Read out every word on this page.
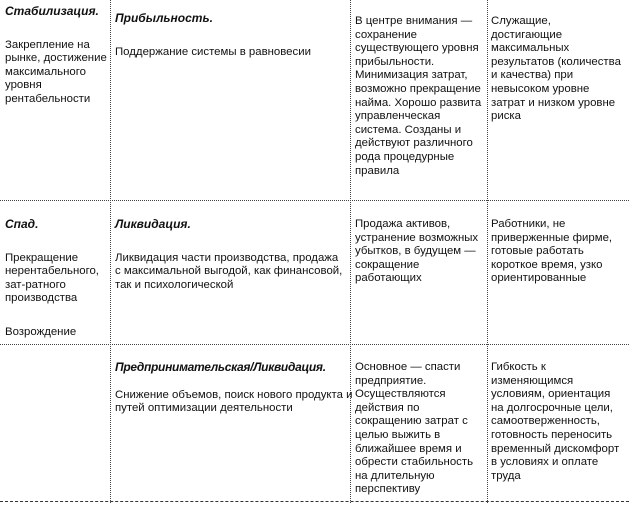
Стабилизация.
Закрепление на рынке, достижение максимального уровня рентабельности
Прибыльность.
Поддержание системы в равновесии
В центре внимания — сохранение существующего уровня прибыльности. Минимизация затрат, возможно прекращение найма. Хорошо развита управленческая система. Созданы и действуют различного рода процедурные правила
Служащие, достигающие максимальных результатов (количества и качества) при невысоком уровне затрат и низком уровне риска
Спад.
Прекращение нерентабельного, зат-ратного производства
Возрождение
Ликвидация.
Ликвидация части производства, продажа с максимальной выгодой, как финансовой, так и психологической
Продажа активов, устранение возможных убытков, в будущем — сокращение работающих
Работники, не приверженные фирме, готовые работать короткое время, узко ориентированные
Предпринимательская/Ликвидация.
Снижение объемов, поиск нового продукта и путей оптимизации деятельности
Основное — спасти предприятие. Осуществляются действия по сокращению затрат с целью выжить в ближайшее время и обрести стабильность на длительную перспективу
Гибкость к изменяющимся условиям, ориентация на долгосрочные цели, самоотверженность, готовность переносить временный дискомфорт в условиях и оплате труда
